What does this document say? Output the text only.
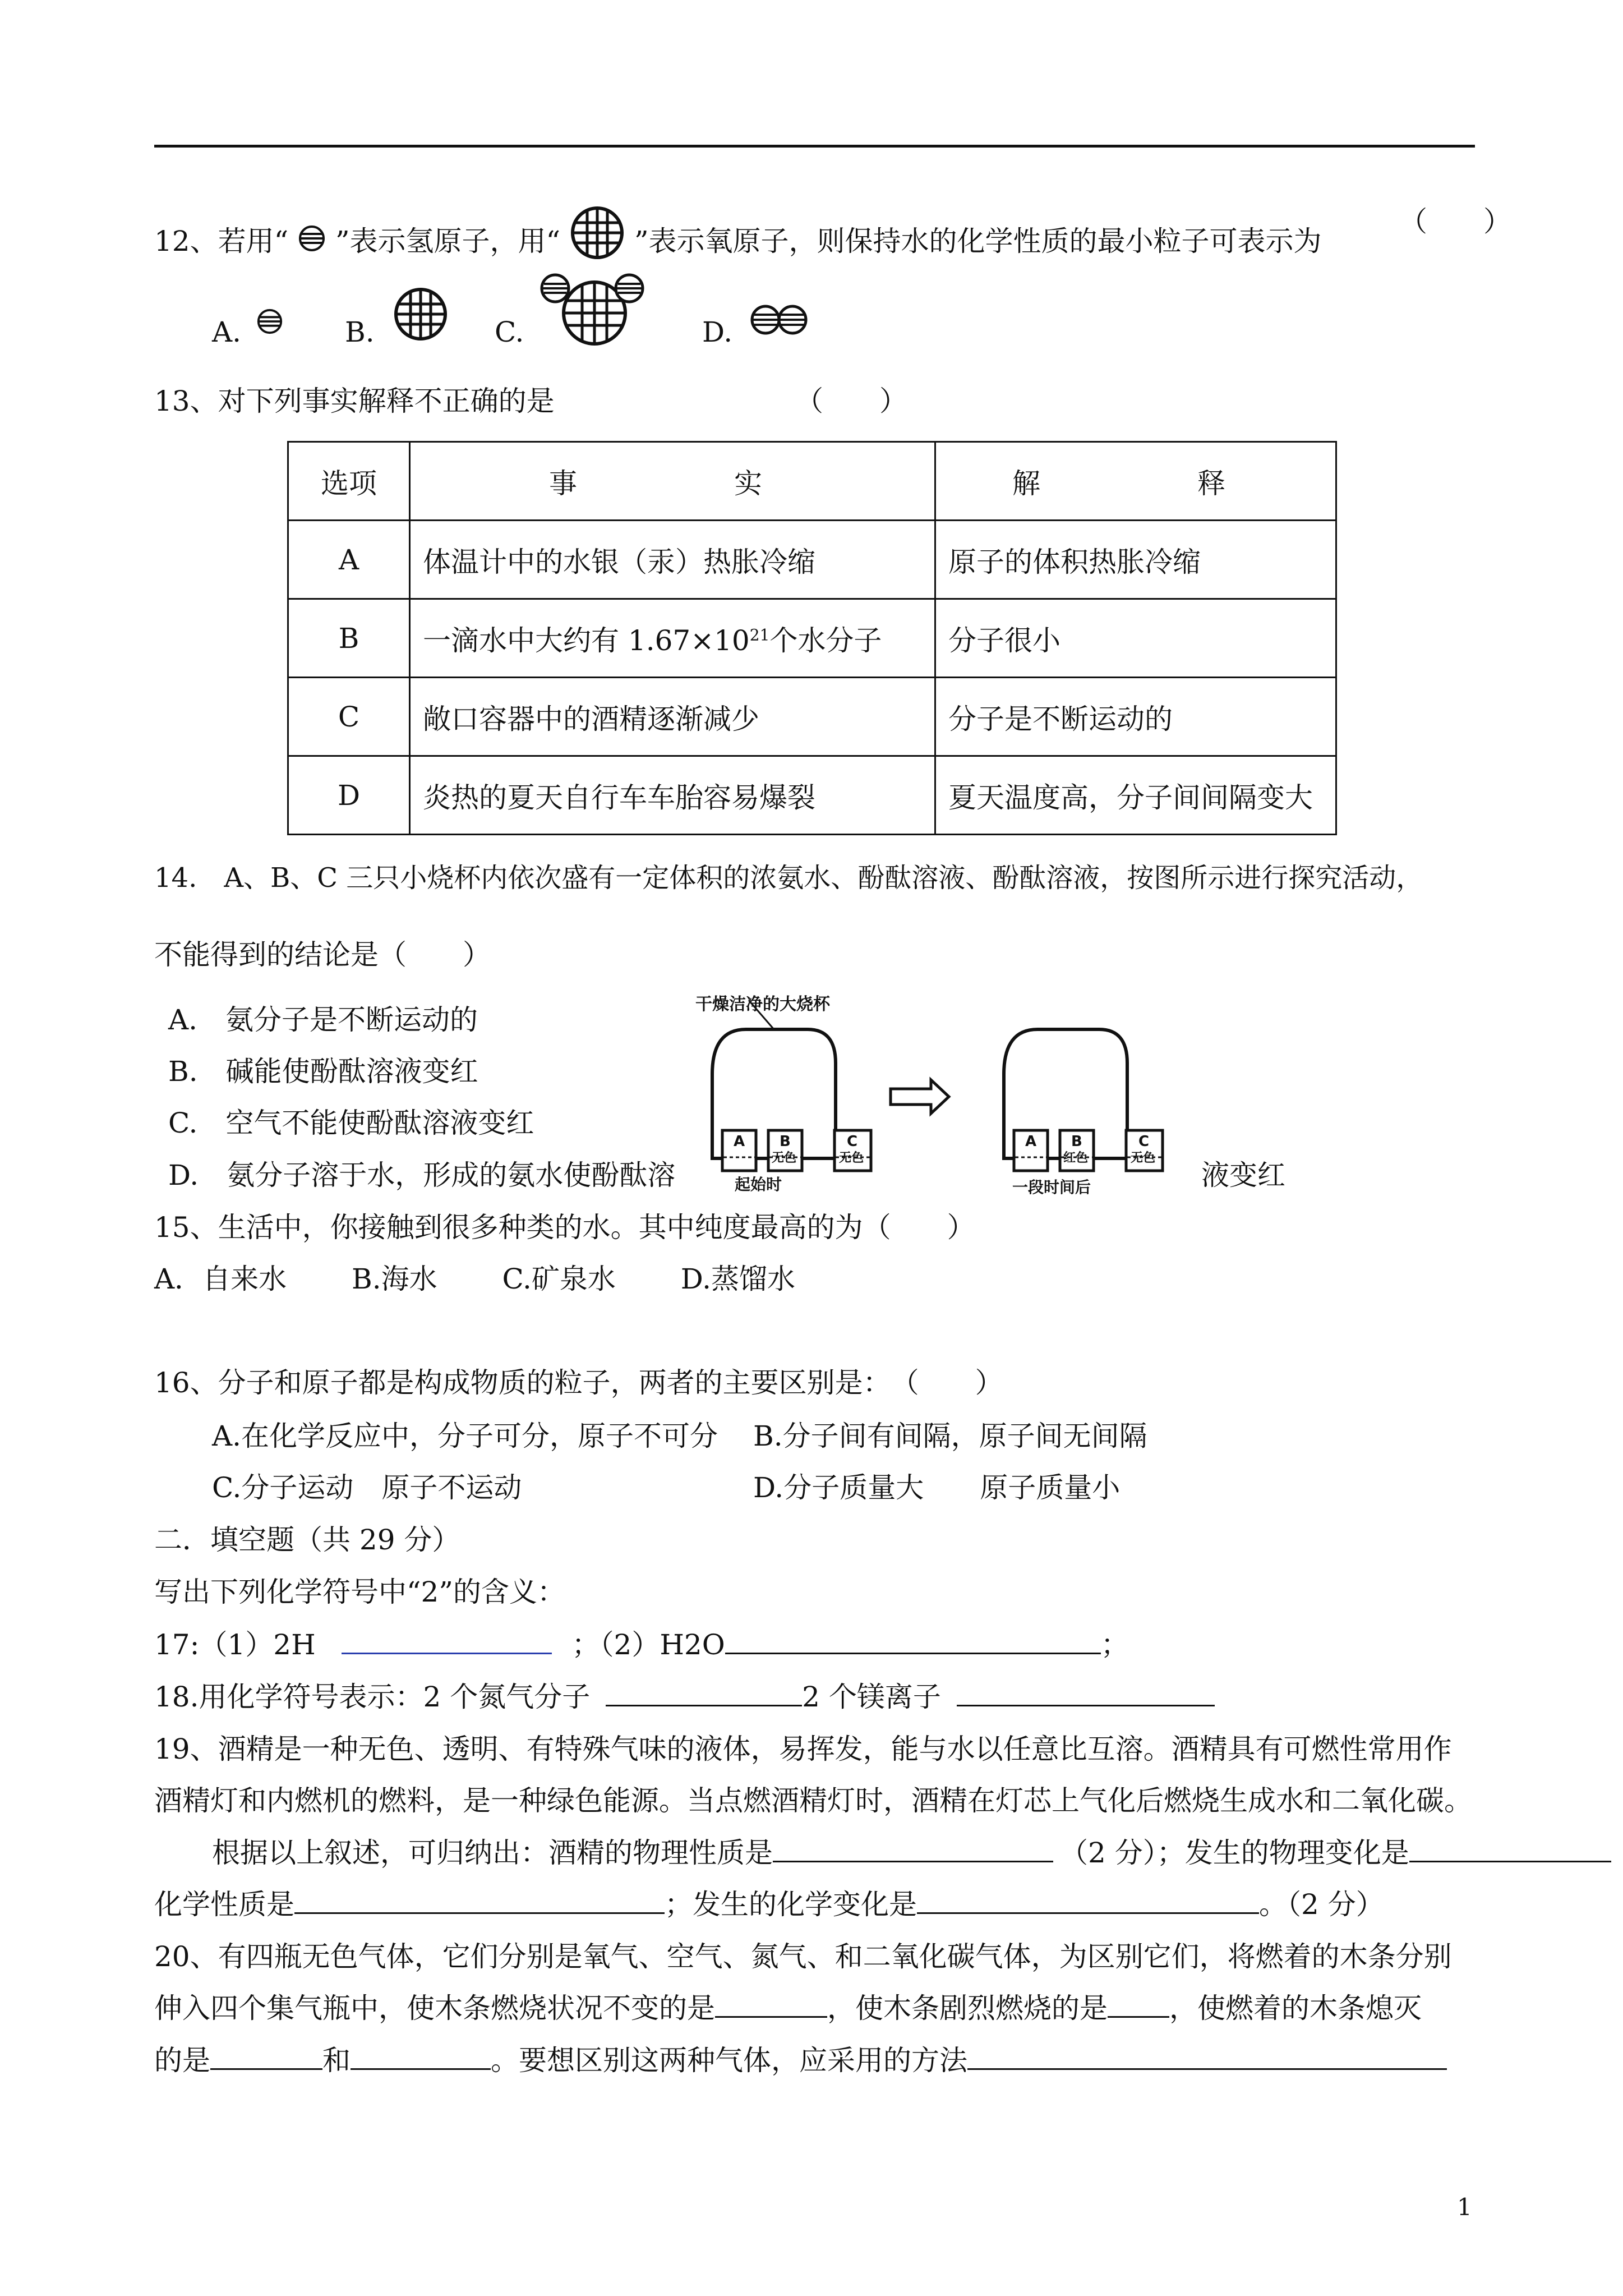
12、若用“ ”表示氢原子，用“	”表示氧原子，则保持水的化学性质的最小粒子可表示为
（　　）
A.	B.	C.	D.
13、对下列事实解释不正确的是	（　　）
选项	事　　实	解　　释
A	体温计中的水银（汞）热胀冷缩	原子的体积热胀冷缩
B	一滴水中大约有 $1.67\times 10^{21}$个水分子	分子很小
C	敞口容器中的酒精逐渐减少	分子是不断运动的
D	炎热的夏天自行车车胎容易爆裂	夏天温度高，分子间间隔变大
14.　A、B、C 三只小烧杯内依次盛有一定体积的浓氨水、酚酞溶液、酚酞溶液，按图所示进行探究活动，
不能得到的结论是（　　）
A.　氨分子是不断运动的
B.　碱能使酚酞溶液变红
C.　空气不能使酚酞溶液变红
D.　氨分子溶于水，形成的氨水使酚酞溶	液变红
干燥洁净的大烧杯
A B
无色
C
无色
起始时
A B
红色
C
无色
一段时间后
15、生活中，你接触到很多种类的水。其中纯度最高的为（　　）
A．自来水　　 B.海水　　 C.矿泉水　　 D.蒸馏水
16、分子和原子都是构成物质的粒子，两者的主要区别是：　（　　）
A.在化学反应中，分子可分，原子不可分 B.分子间有间隔，原子间无间隔
C.分子运动　原子不运动	D.分子质量大　　原子质量小
二．填空题（共 29 分）
写出下列化学符号中“2”的含义：
17:（1）2H	；（2）H2O	；
18.用化学符号表示：2 个氮气分子	2 个镁离子
19、酒精是一种无色、透明、有特殊气味的液体，易挥发，能与水以任意比互溶。酒精具有可燃性常用作
酒精灯和内燃机的燃料，是一种绿色能源。当点燃酒精灯时，酒精在灯芯上气化后燃烧生成水和二氧化碳。
根据以上叙述，可归纳出：酒精的物理性质是	（2 分）；发生的物理变化是
化学性质是	；发生的化学变化是	。（2 分）
20、有四瓶无色气体，它们分别是氧气、空气、氮气、和二氧化碳气体，为区别它们，将燃着的木条分别
伸入四个集气瓶中，使木条燃烧状况不变的是	，使木条剧烈燃烧的是 ，使燃着的木条熄灭
的是	和	。要想区别这两种气体，应采用的方法
1
